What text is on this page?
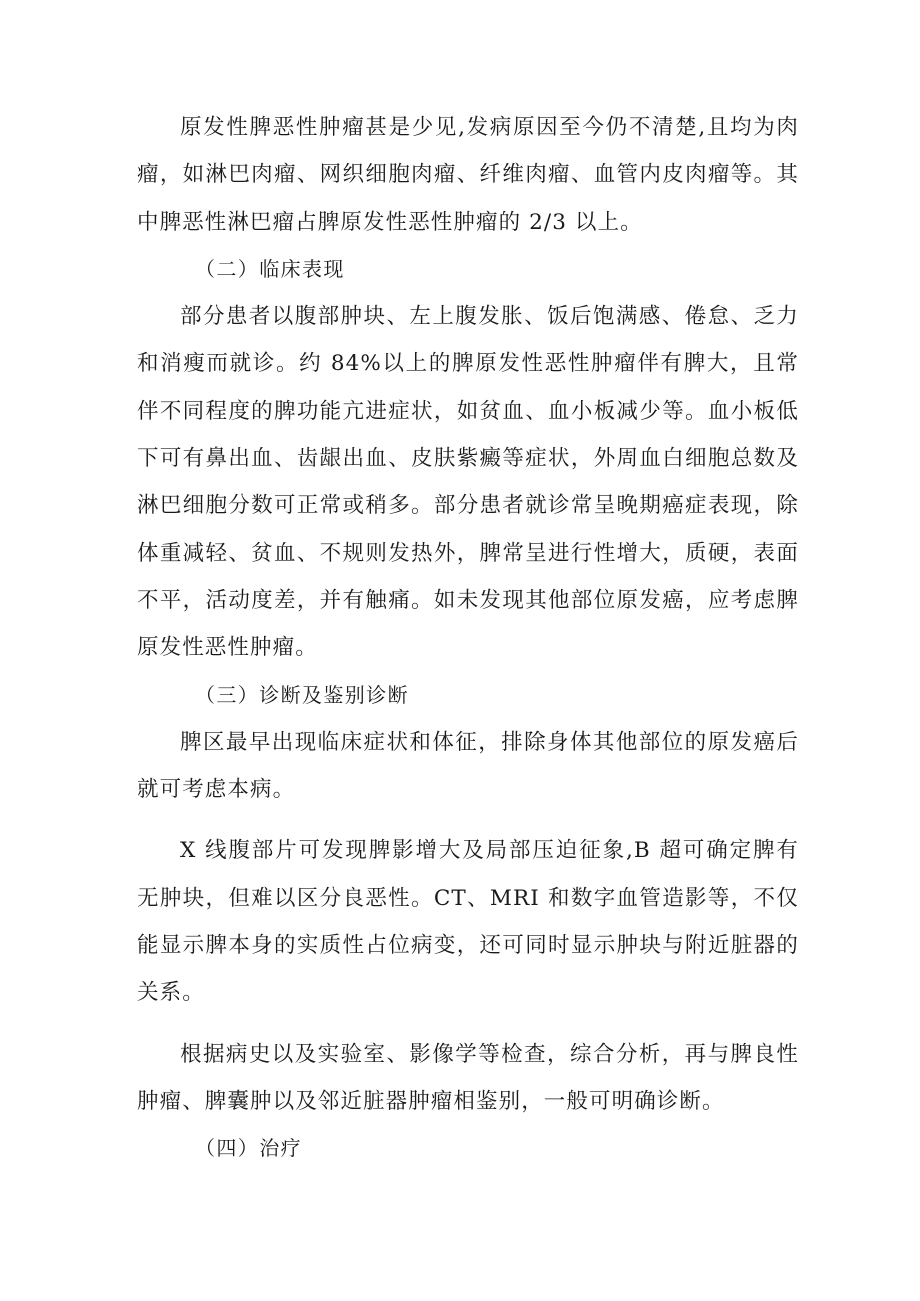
原发性脾恶性肿瘤甚是少见,发病原因至今仍不清楚,且均为肉瘤，如淋巴肉瘤、网织细胞肉瘤、纤维肉瘤、血管内皮肉瘤等。其中脾恶性淋巴瘤占脾原发性恶性肿瘤的 2/3 以上。

（二）临床表现

部分患者以腹部肿块、左上腹发胀、饭后饱满感、倦怠、乏力和消瘦而就诊。约 84%以上的脾原发性恶性肿瘤伴有脾大，且常伴不同程度的脾功能亢进症状，如贫血、血小板减少等。血小板低下可有鼻出血、齿龈出血、皮肤紫癜等症状，外周血白细胞总数及淋巴细胞分数可正常或稍多。部分患者就诊常呈晚期癌症表现，除体重减轻、贫血、不规则发热外，脾常呈进行性增大，质硬，表面不平，活动度差，并有触痛。如未发现其他部位原发癌，应考虑脾原发性恶性肿瘤。

（三）诊断及鉴别诊断

脾区最早出现临床症状和体征，排除身体其他部位的原发癌后就可考虑本病。

X 线腹部片可发现脾影增大及局部压迫征象,B 超可确定脾有无肿块，但难以区分良恶性。CT、MRI 和数字血管造影等，不仅能显示脾本身的实质性占位病变，还可同时显示肿块与附近脏器的关系。

根据病史以及实验室、影像学等检查，综合分析，再与脾良性肿瘤、脾囊肿以及邻近脏器肿瘤相鉴别，一般可明确诊断。

（四）治疗
